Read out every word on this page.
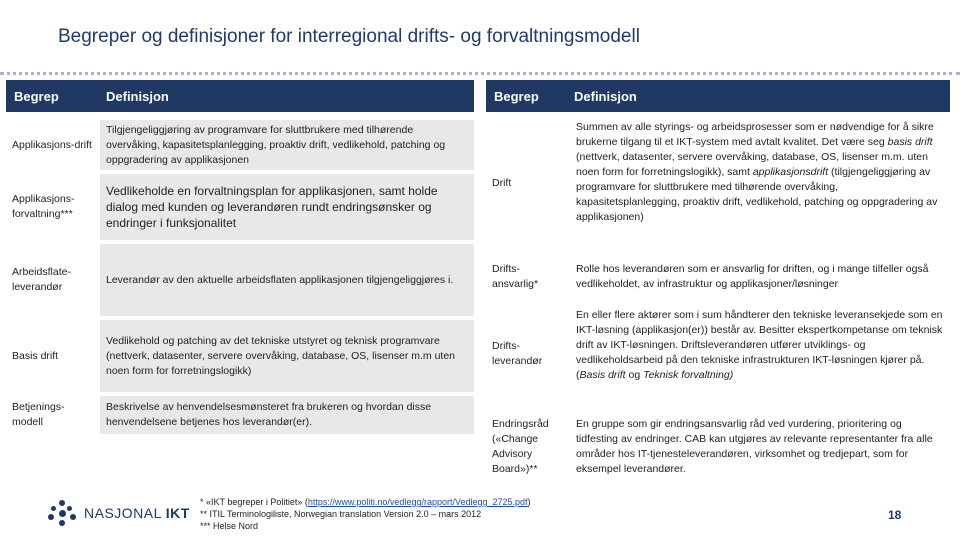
Begreper og definisjoner for interregional drifts- og forvaltningsmodell
Begrep	Definisjon
Applikasjons-drift
Tilgjengeliggjøring av programvare for sluttbrukere med tilhørende overvåking, kapasitetsplanlegging, proaktiv drift, vedlikehold, patching og oppgradering av applikasjonen
Applikasjons-forvaltning***
Vedlikeholde en forvaltningsplan for applikasjonen, samt holde dialog med kunden og leverandøren rundt endringsønsker og endringer i funksjonalitet
Arbeidsflate-leverandør
Leverandør av den aktuelle arbeidsflaten applikasjonen tilgjengeliggjøres i.
Basis drift
Vedlikehold og patching av det tekniske utstyret og teknisk programvare (nettverk, datasenter, servere overvåking, database, OS, lisenser m.m uten noen form for forretningslogikk)
Betjenings-modell
Beskrivelse av henvendelsesmønsteret fra brukeren og hvordan disse henvendelsene betjenes hos leverandør(er).
Begrep	Definisjon
Drift
Summen av alle styrings- og arbeidsprosesser som er nødvendige for å sikre brukerne tilgang til et IKT-system med avtalt kvalitet. Det være seg basis drift (nettverk, datasenter, servere overvåking, database, OS, lisenser m.m. uten noen form for forretningslogikk), samt applikasjonsdrift (tilgjengeliggjøring av programvare for sluttbrukere med tilhørende overvåking, kapasitetsplanlegging, proaktiv drift, vedlikehold, patching og oppgradering av applikasjonen)
Drifts-ansvarlig*
Rolle hos leverandøren som er ansvarlig for driften, og i mange tilfeller også vedlikeholdet, av infrastruktur og applikasjoner/løsninger
Drifts-leverandør
En eller flere aktører som i sum håndterer den tekniske leveransekjede som en IKT-løsning (applikasjon(er)) består av. Besitter ekspertkompetanse om teknisk drift av IKT-løsningen. Driftsleverandøren utfører utviklings- og vedlikeholdsarbeid på den tekniske infrastrukturen IKT-løsningen kjører på. (Basis drift og Teknisk forvaltning)
Endringsråd («Change Advisory Board»)**
En gruppe som gir endringsansvarlig råd ved vurdering, prioritering og tidfesting av endringer. CAB kan utgjøres av relevante representanter fra alle områder hos IT-tjenesteleverandøren, virksomhet og tredjepart, som for eksempel leverandører.
NASJONAL IKT
* «IKT begreper i Politiet» (https://www.politi.no/vedlegg/rapport/Vedlegg_2725.pdf)
** ITIL Terminologiliste, Norwegian translation Version 2.0 – mars 2012
*** Helse Nord
18
